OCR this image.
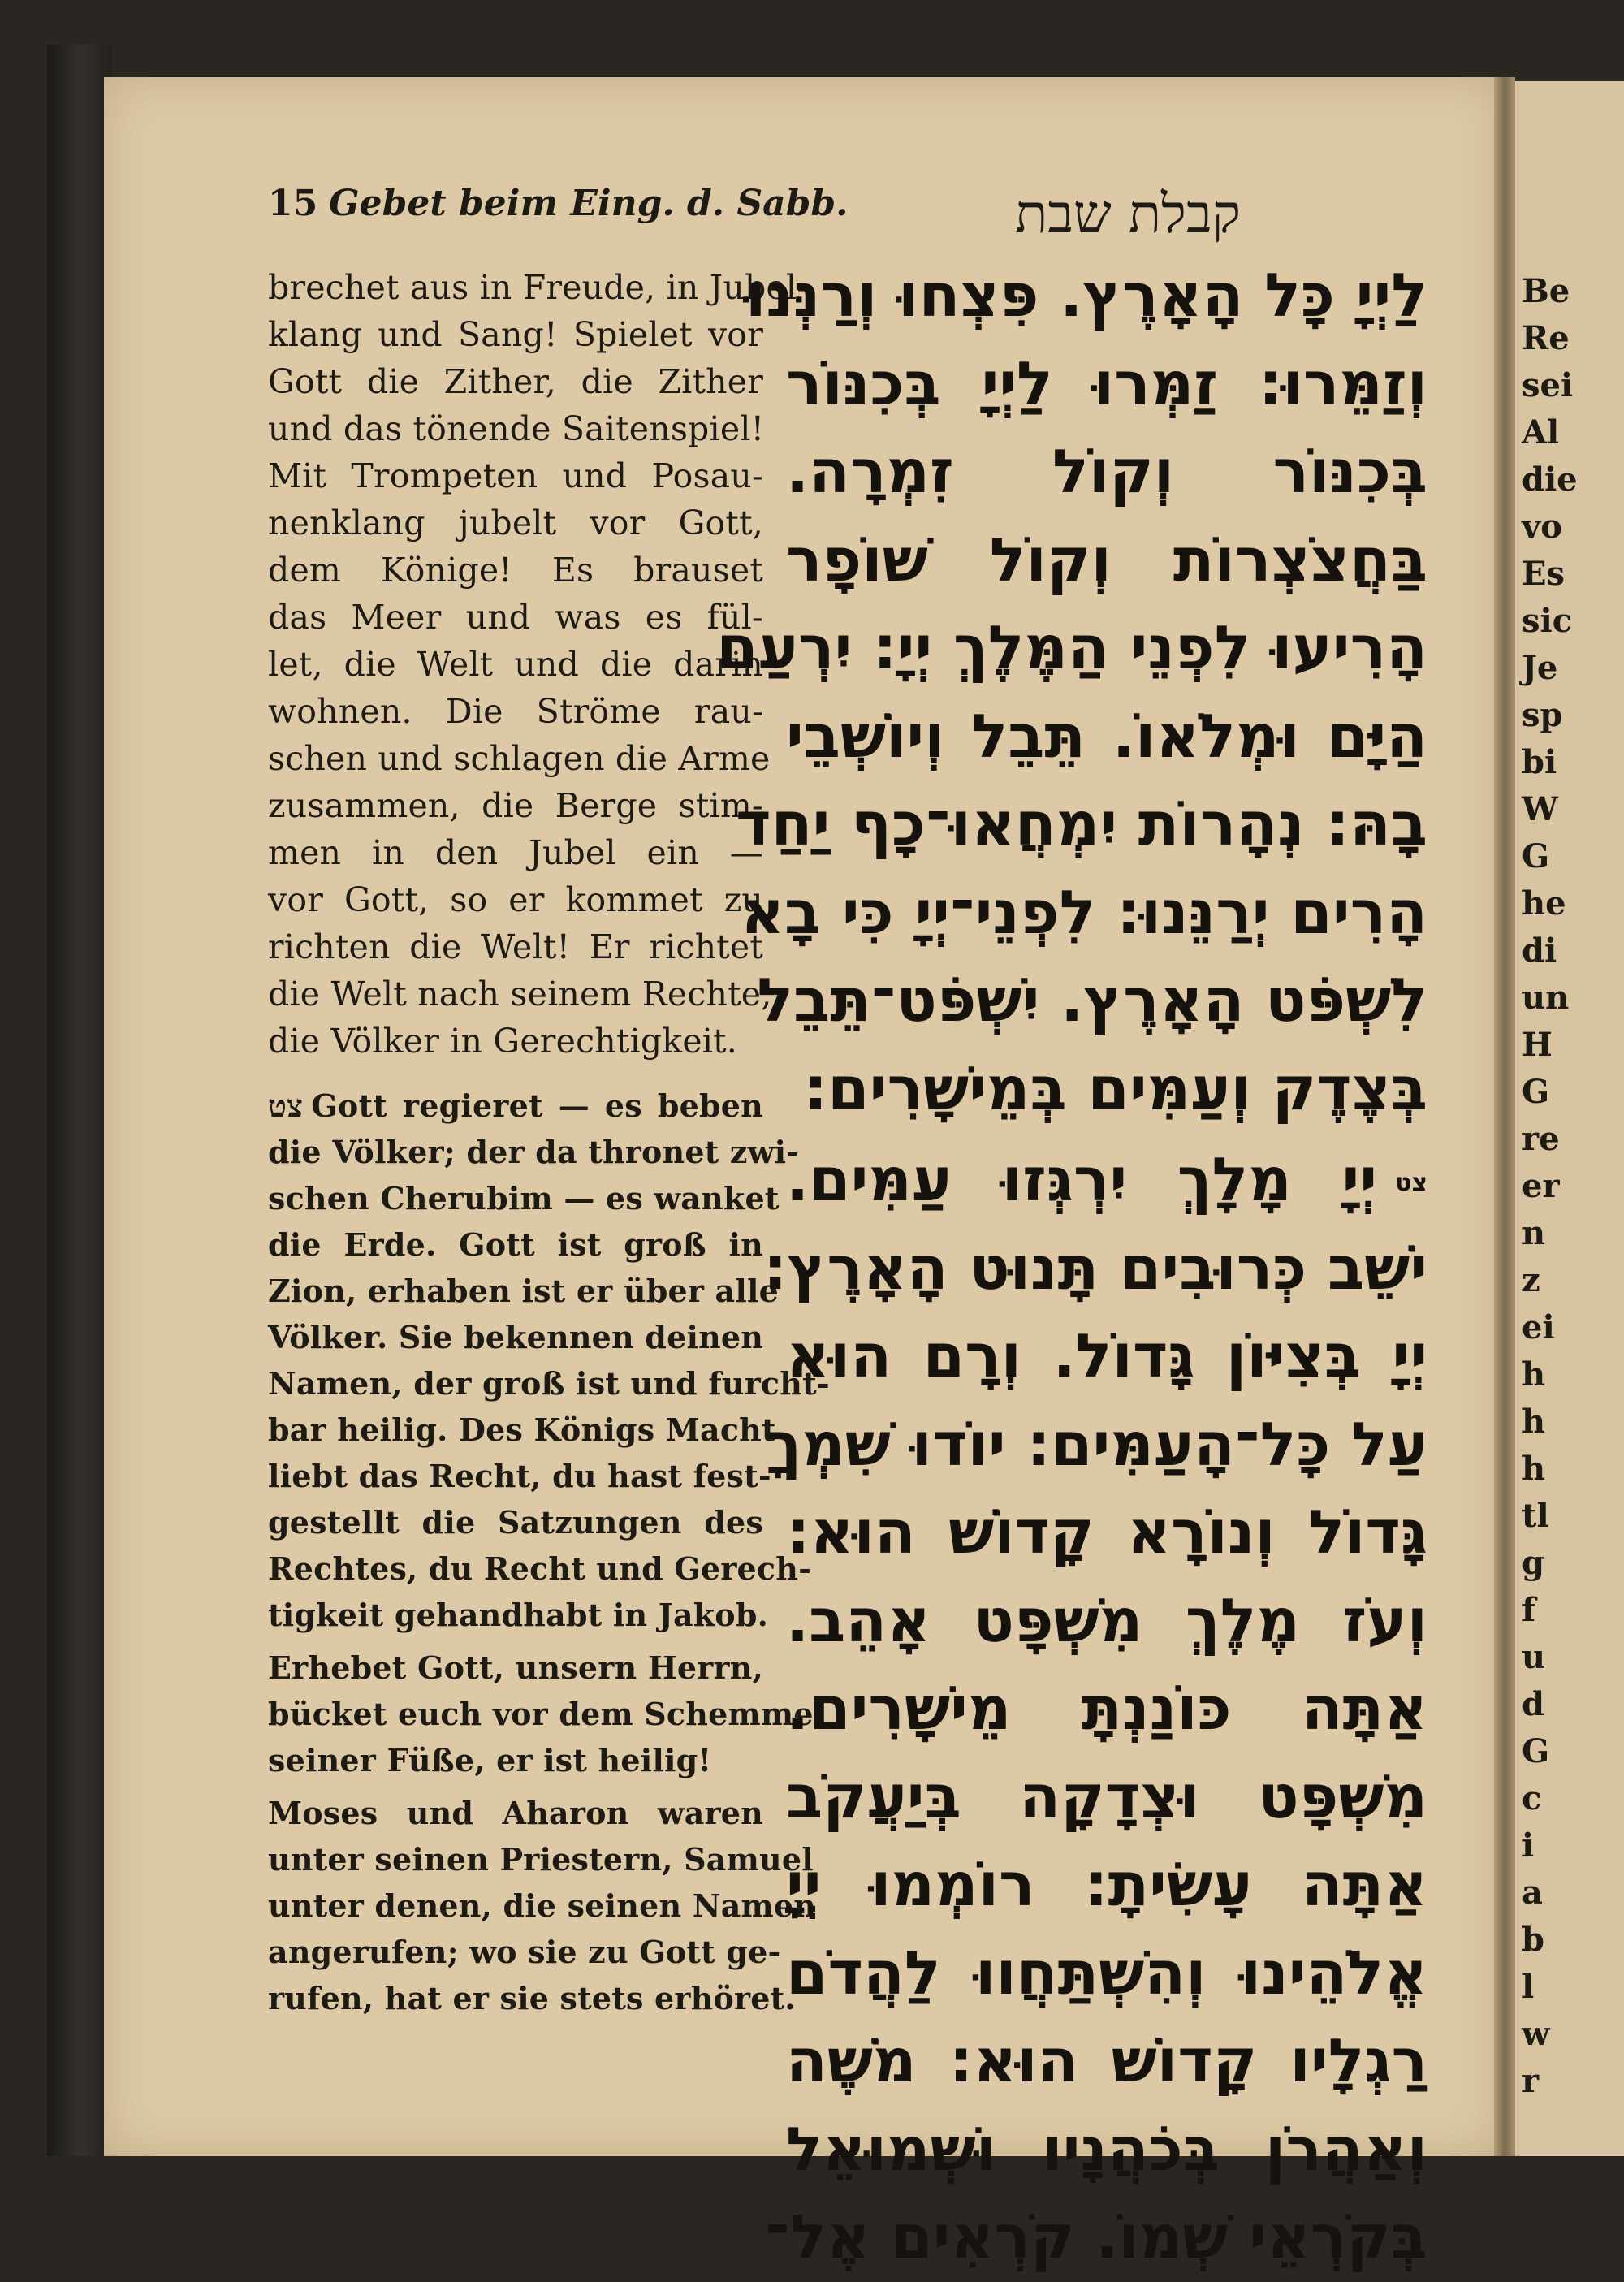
Be
Re
sei
Al
die
vo
Es
sic
Je
sp
bi
W
G
he
di
un
H
G
re
er
n
z
ei
h
h
h
tl
g
f
u
d
G
c
i
a
b
l
w
r
15 Gebet beim Eing. d. Sabb.	קבלת שבת
brechet aus in Freude, in Jubel-
klang und Sang! Spielet vor
Gott die Zither, die Zither
und das tönende Saitenspiel!
Mit Trompeten und Posau-
nenklang jubelt vor Gott,
dem Könige! Es brauset
das Meer und was es fül-
let, die Welt und die darin
wohnen. Die Ströme rau-
schen und schlagen die Arme
zusammen, die Berge stim-
men in den Jubel ein —
vor Gott, so er kommet zu
richten die Welt! Er richtet
die Welt nach seinem Rechte,
die Völker in Gerechtigkeit.
צט Gott regieret — es beben
die Völker; der da thronet zwi-
schen Cherubim — es wanket
die Erde. Gott ist groß in
Zion, erhaben ist er über alle
Völker. Sie bekennen deinen
Namen, der groß ist und furcht-
bar heilig. Des Königs Macht
liebt das Recht, du hast fest-
gestellt die Satzungen des
Rechtes, du Recht und Gerech-
tigkeit gehandhabt in Jakob.
Erhebet Gott, unsern Herrn,
bücket euch vor dem Schemmel
seiner Füße, er ist heilig!
Moses und Aharon waren
unter seinen Priestern, Samuel
unter denen, die seinen Namen
angerufen; wo sie zu Gott ge-
rufen, hat er sie stets erhöret.
לַיְיָ כָּל הָאָרֶץ. פִּצְחוּ וְרַנְּנוּ
וְזַמֵּרוּ: זַמְּרוּ לַיְיָ בְּכִנּוֹר
בְּכִנּוֹר וְקוֹל זִמְרָה.
בַּחֲצֹצְרוֹת וְקוֹל שׁוֹפָר
הָרִיעוּ לִפְנֵי הַמֶּלֶךְ יְיָ: יִרְעַם
הַיָּם וּמְלֹאוֹ. תֵּבֵל וְיוֹשְׁבֵי
בָהּ: נְהָרוֹת יִמְחֲאוּ־כָף יַחַד
הָרִים יְרַנֵּנוּ: לִפְנֵי־יְיָ כִּי בָא
לִשְׁפֹּט הָאָרֶץ. יִשְׁפֹּט־תֵּבֵל
בְּצֶדֶק וְעַמִּים בְּמֵישָׁרִים:
צטיְיָ מָלָךְ יִרְגְּזוּ עַמִּים.
יֹשֵׁב כְּרוּבִים תָּנוּט הָאָרֶץ:
יְיָ בְּצִיּוֹן גָּדוֹל. וְרָם הוּא
עַל כָּל־הָעַמִּים: יוֹדוּ שִׁמְךָ
גָּדוֹל וְנוֹרָא קָדוֹשׁ הוּא:
וְעֹז מֶלֶךְ מִשְׁפָּט אָהֵב.
אַתָּה כּוֹנַנְתָּ מֵישָׁרִים.
מִשְׁפָּט וּצְדָקָה בְּיַעֲקֹב
אַתָּה עָשִׂיתָ: רוֹמְמוּ יְיָ
אֱלֹהֵינוּ וְהִשְׁתַּחֲווּ לַהֲדֹם
רַגְלָיו קָדוֹשׁ הוּא: מֹשֶׁה
וְאַהֲרֹן בְּכֹהֲנָיו וּשְׁמוּאֵל
בְּקֹרְאֵי שְׁמוֹ. קֹרְאִים אֶל־
